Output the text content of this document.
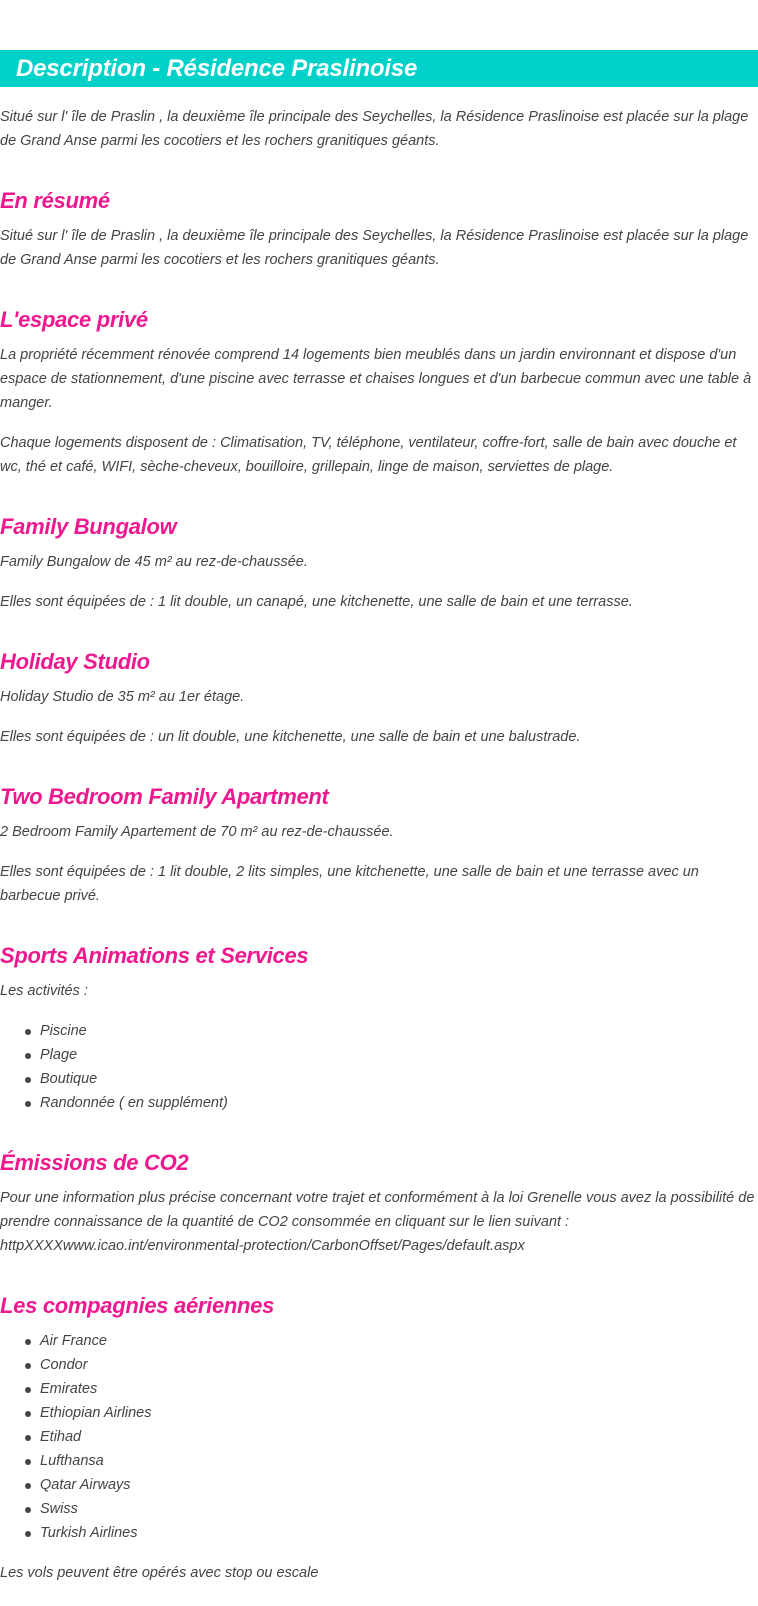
Description - Résidence Praslinoise

Situé sur l' île de Praslin , la deuxième île principale des Seychelles, la Résidence Praslinoise est placée sur la plage de Grand Anse parmi les cocotiers et les rochers granitiques géants.

En résumé

Situé sur l' île de Praslin , la deuxième île principale des Seychelles, la Résidence Praslinoise est placée sur la plage de Grand Anse parmi les cocotiers et les rochers granitiques géants.

L'espace privé

La propriété récemment rénovée comprend 14 logements bien meublés dans un jardin environnant et dispose d'un espace de stationnement, d'une piscine avec terrasse et chaises longues et d'un barbecue commun avec une table à manger.

Chaque logements disposent de : Climatisation, TV, téléphone, ventilateur, coffre-fort, salle de bain avec douche et wc, thé et café, WIFI, sèche-cheveux, bouilloire, grillepain, linge de maison, serviettes de plage.

Family Bungalow

Family Bungalow de 45 m² au rez-de-chaussée.

Elles sont équipées de : 1 lit double, un canapé, une kitchenette, une salle de bain et une terrasse.

Holiday Studio

Holiday Studio de 35 m² au 1er étage.

Elles sont équipées de : un lit double, une kitchenette, une salle de bain et une balustrade.

Two Bedroom Family Apartment

2 Bedroom Family Apartement de 70 m² au rez-de-chaussée.

Elles sont équipées de : 1 lit double, 2 lits simples, une kitchenette, une salle de bain et une terrasse avec un barbecue privé.

Sports Animations et Services

Les activités :

Piscine
Plage
Boutique
Randonnée ( en supplément)
Émissions de CO2

Pour une information plus précise concernant votre trajet et conformément à la loi Grenelle vous avez la possibilité de prendre connaissance de la quantité de CO2 consommée en cliquant sur le lien suivant : httpXXXXwww.icao.int/environmental-protection/CarbonOffset/Pages/default.aspx

Les compagnies aériennes
Air France
Condor
Emirates
Ethiopian Airlines
Etihad
Lufthansa
Qatar Airways
Swiss
Turkish Airlines

Les vols peuvent être opérés avec stop ou escale
